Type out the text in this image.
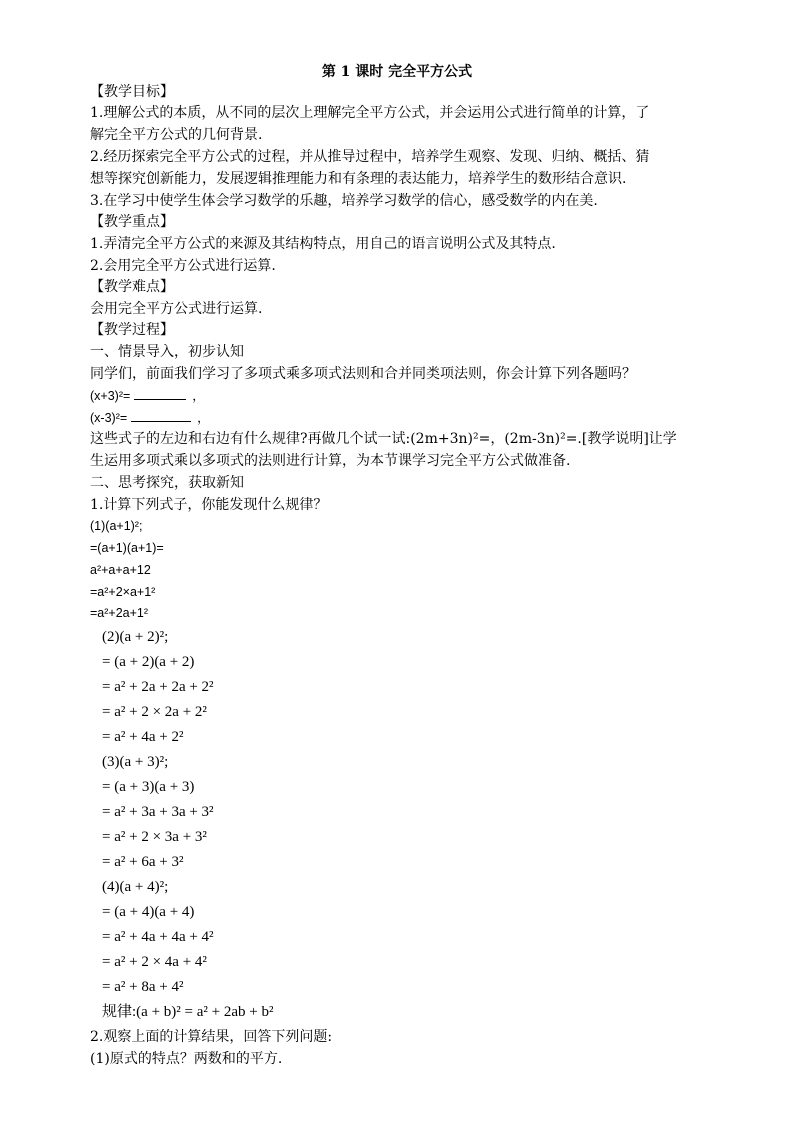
第 1 课时 完全平方公式
【教学目标】
1.理解公式的本质，从不同的层次上理解完全平方公式，并会运用公式进行简单的计算，了
解完全平方公式的几何背景.
2.经历探索完全平方公式的过程，并从推导过程中，培养学生观察、发现、归纳、概括、猜
想等探究创新能力，发展逻辑推理能力和有条理的表达能力，培养学生的数形结合意识.
3.在学习中使学生体会学习数学的乐趣，培养学习数学的信心，感受数学的内在美.
【教学重点】
1.弄清完全平方公式的来源及其结构特点，用自己的语言说明公式及其特点.
2.会用完全平方公式进行运算.
【教学难点】
会用完全平方公式进行运算.
【教学过程】
一、情景导入，初步认知
同学们，前面我们学习了多项式乘多项式法则和合并同类项法则，你会计算下列各题吗？
(x+3)²=	，
(x-3)²=	，
这些式子的左边和右边有什么规律?再做几个试一试:(2m+3n)²=，(2m-3n)²=.[教学说明]让学
生运用多项式乘以多项式的法则进行计算，为本节课学习完全平方公式做准备.
二、思考探究，获取新知
1.计算下列式子，你能发现什么规律？
(1)(a+1)²;
=(a+1)(a+1)=
a²+a+a+12
=a²+2×a+1²
=a²+2a+1²
(2)(a + 2)²;
= (a + 2)(a + 2)
= a² + 2a + 2a + 2²
= a² + 2 × 2a + 2²
= a² + 4a + 2²
(3)(a + 3)²;
= (a + 3)(a + 3)
= a² + 3a + 3a + 3²
= a² + 2 × 3a + 3²
= a² + 6a + 3²
(4)(a + 4)²;
= (a + 4)(a + 4)
= a² + 4a + 4a + 4²
= a² + 2 × 4a + 4²
= a² + 8a + 4²
规律:(a + b)² = a² + 2ab + b²
2.观察上面的计算结果，回答下列问题:
(1)原式的特点？两数和的平方.
